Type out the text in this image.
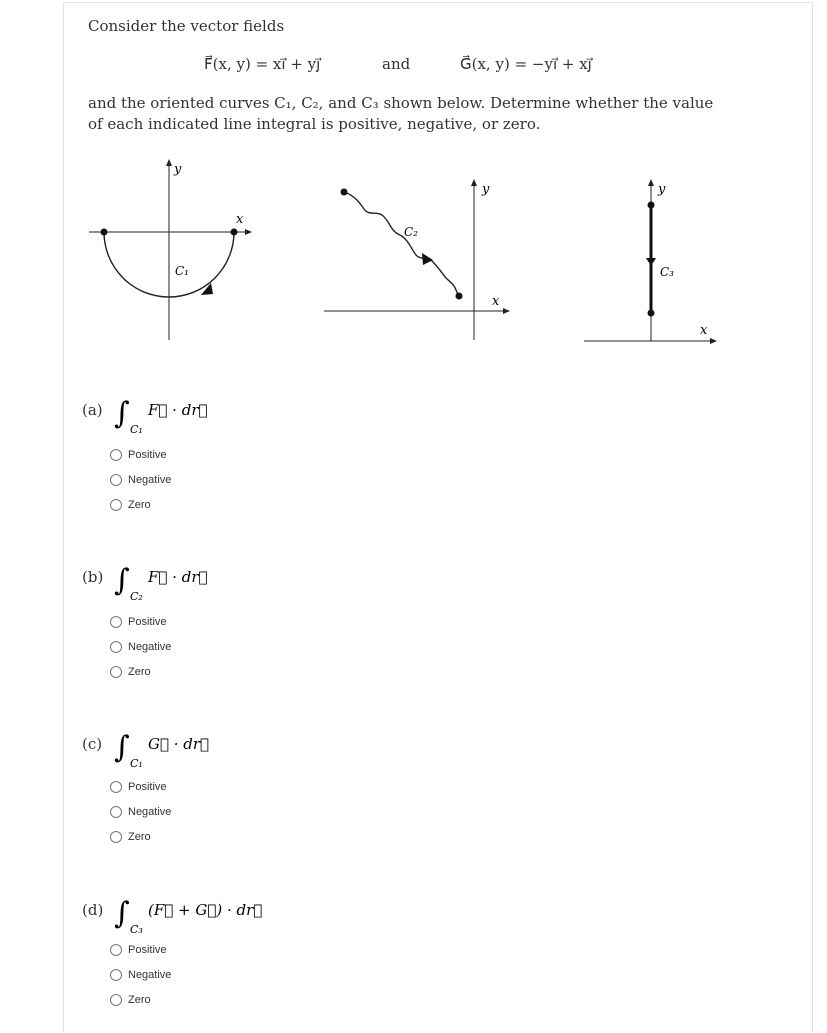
Consider the vector fields
F⃗(x, y) = xi⃗ + yj⃗	and	G⃗(x, y) = −yi⃗ + xj⃗
and the oriented curves C₁, C₂, and C₃ shown below. Determine whether the value of each indicated line integral is positive, negative, or zero.
y
x
C₁
y
x
C₂
y
x
C₃
(a) ∫ C₁
F⃗ · dr⃗
Positive
Negative
Zero
(b) ∫ C₂
F⃗ · dr⃗
Positive
Negative
Zero
(c) ∫ C₁
G⃗ · dr⃗
Positive
Negative
Zero
(d) ∫ C₃
(F⃗ + G⃗) · dr⃗
Positive
Negative
Zero
